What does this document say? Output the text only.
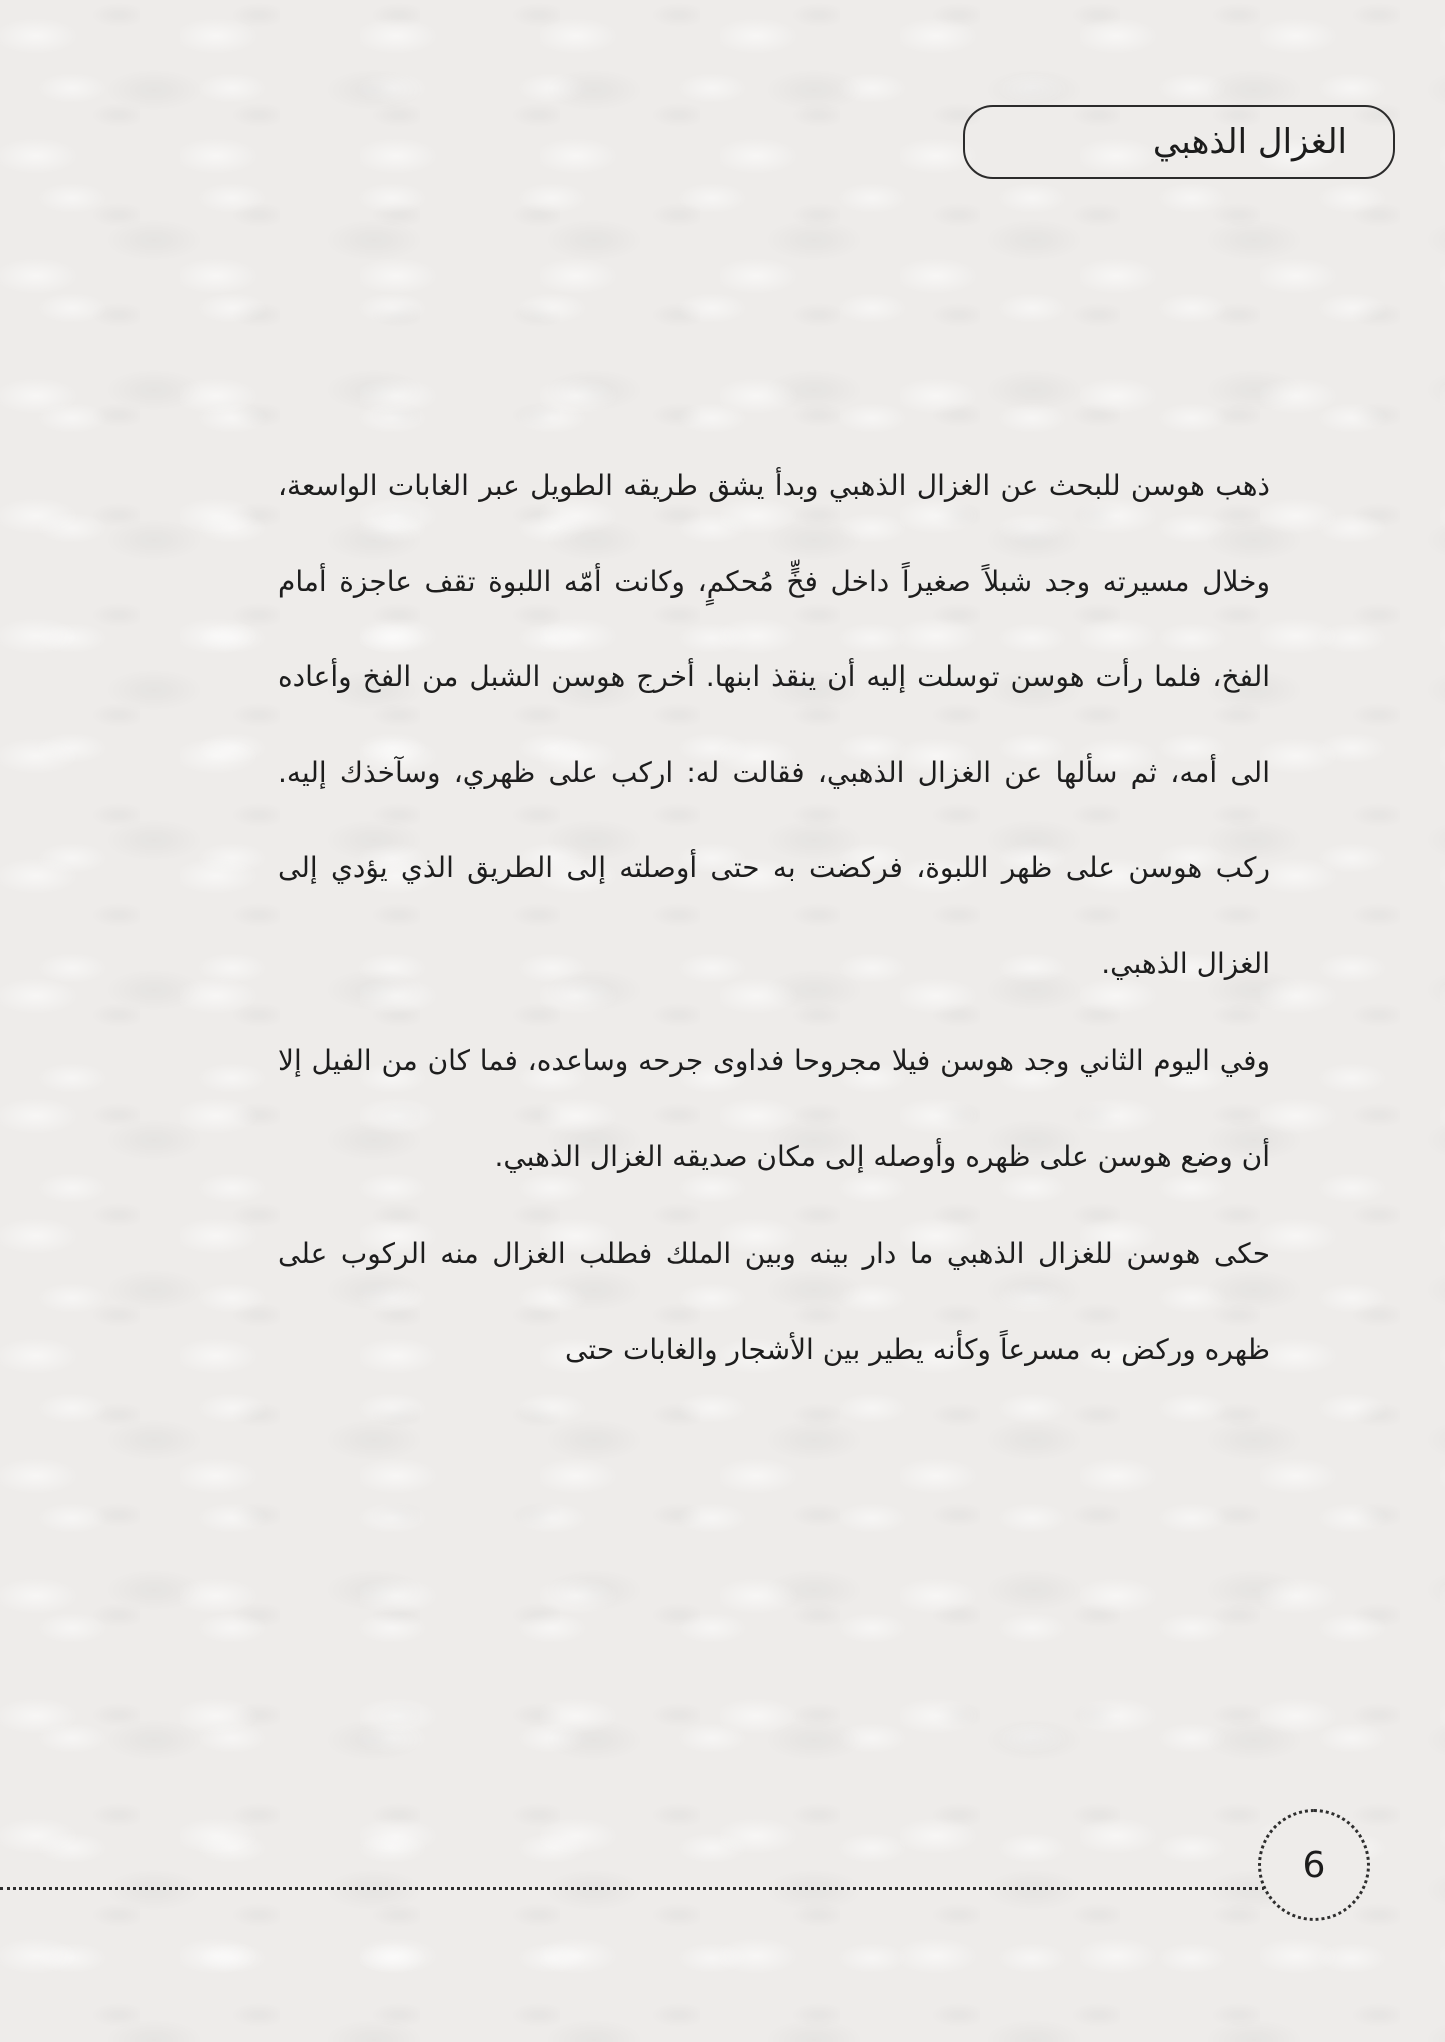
الغزال الذهبي

ذهب هوسن للبحث عن الغزال الذهبي وبدأ يشق طريقه الطويل عبر الغابات الواسعة، وخلال مسيرته وجد شبلاً صغيراً داخل فخٍّ مُحكمٍ، وكانت أمّه اللبوة تقف عاجزة أمام الفخ، فلما رأت هوسن توسلت إليه أن ينقذ ابنها. أخرج هوسن الشبل من الفخ وأعاده الى أمه، ثم سألها عن الغزال الذهبي، فقالت له: اركب على ظهري، وسآخذك إليه. ركب هوسن على ظهر اللبوة، فركضت به حتى أوصلته إلى الطريق الذي يؤدي إلى الغزال الذهبي.

وفي اليوم الثاني وجد هوسن فيلا مجروحا فداوى جرحه وساعده، فما كان من الفيل إلا أن وضع هوسن على ظهره وأوصله إلى مكان صديقه الغزال الذهبي.

حكى هوسن للغزال الذهبي ما دار بينه وبين الملك فطلب الغزال منه الركوب على ظهره وركض به مسرعاً وكأنه يطير بين الأشجار والغابات حتى

6
